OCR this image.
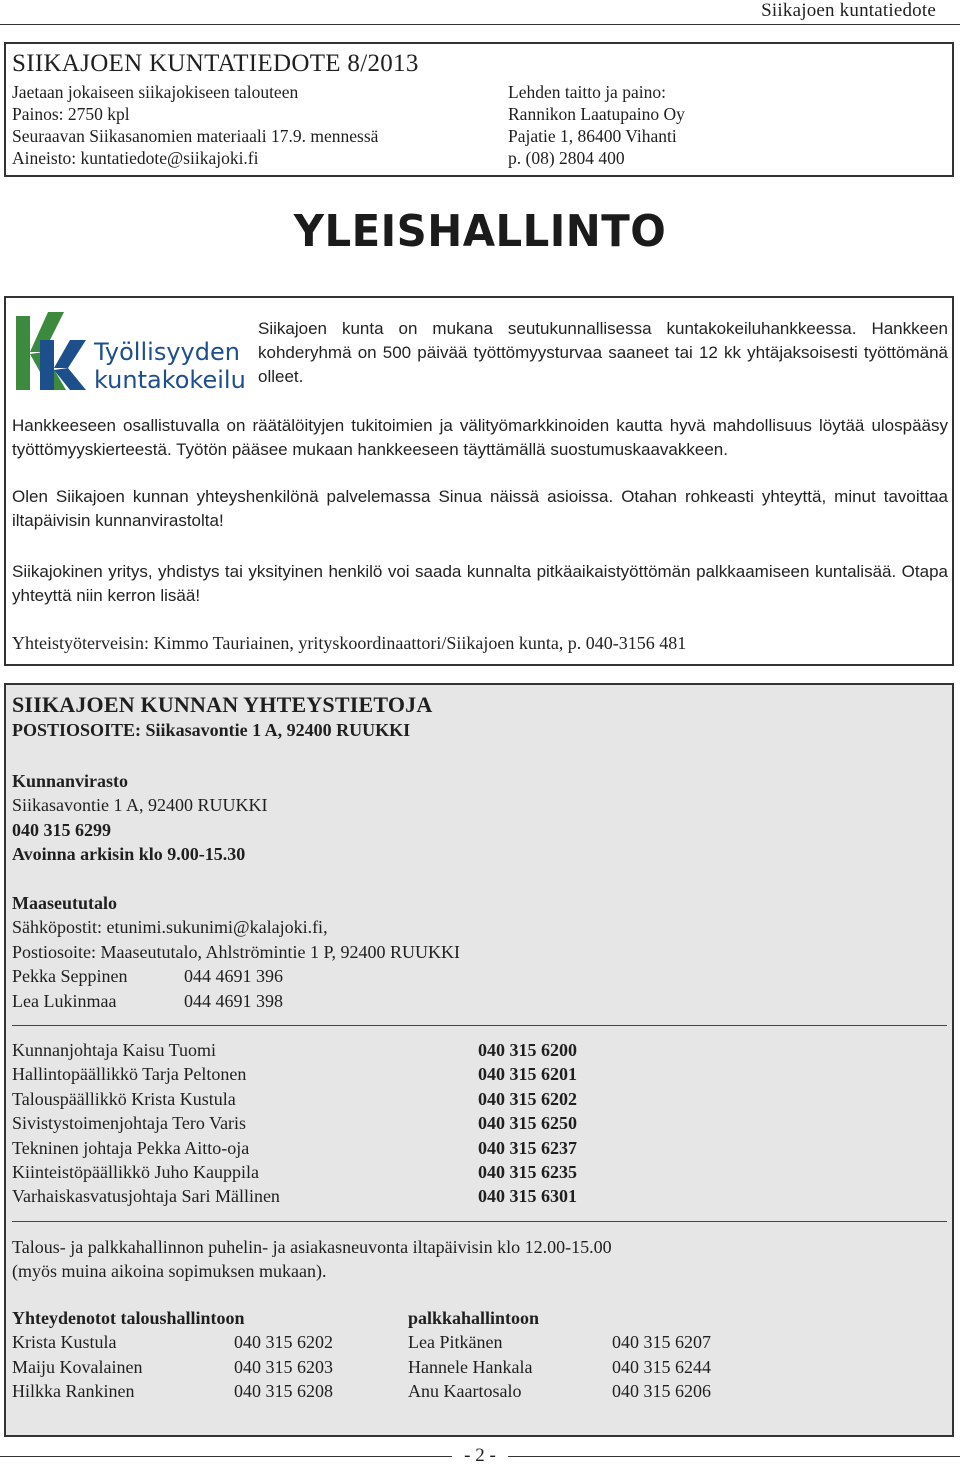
Siikajoen kuntatiedote
SIIKAJOEN KUNTATIEDOTE 8/2013
Jaetaan jokaiseen siikajokiseen talouteen
Painos: 2750 kpl
Seuraavan Siikasanomien materiaali 17.9. mennessä
Aineisto: kuntatiedote@siikajoki.fi
Lehden taitto ja paino:
Rannikon Laatupaino Oy
Pajatie 1, 86400 Vihanti
p. (08) 2804 400
YLEISHALLINTO
Työllisyyden
kuntakokeilu
Siikajoen kunta on mukana seutukunnallisessa kuntakokeiluhankkeessa. Hankkeen kohderyhmä on 500 päivää työttömyysturvaa saaneet tai 12 kk yhtäjaksoisesti työttömänä olleet.
Hankkeeseen osallistuvalla on räätälöityjen tukitoimien ja välityömarkkinoiden kautta hyvä mahdollisuus löytää ulospääsy työttömyyskierteestä. Työtön pääsee mukaan hankkeeseen täyttämällä suostumuskaavakkeen.
Olen Siikajoen kunnan yhteyshenkilönä palvelemassa Sinua näissä asioissa. Otahan rohkeasti yhteyttä, minut tavoittaa iltapäivisin kunnanvirastolta!
Siikajokinen yritys, yhdistys tai yksityinen henkilö voi saada kunnalta pitkäaikaistyöttömän palkkaamiseen kuntalisää. Otapa yhteyttä niin kerron lisää!
Yhteistyöterveisin: Kimmo Tauriainen, yrityskoordinaattori/Siikajoen kunta, p. 040-3156 481
SIIKAJOEN KUNNAN YHTEYSTIETOJA
POSTIOSOITE: Siikasavontie 1 A, 92400 RUUKKI
Kunnanvirasto
Siikasavontie 1 A, 92400 RUUKKI
040 315 6299
Avoinna arkisin klo 9.00-15.30
Maaseututalo
Sähköpostit: etunimi.sukunimi@kalajoki.fi,
Postiosoite: Maaseututalo, Ahlströmintie 1 P, 92400 RUUKKI
Pekka Seppinen	044 4691 396
Lea Lukinmaa	044 4691 398
Kunnanjohtaja Kaisu Tuomi	040 315 6200
Hallintopäällikkö Tarja Peltonen	040 315 6201
Talouspäällikkö Krista Kustula	040 315 6202
Sivistystoimenjohtaja Tero Varis	040 315 6250
Tekninen johtaja Pekka Aitto-oja	040 315 6237
Kiinteistöpäällikkö Juho Kauppila	040 315 6235
Varhaiskasvatusjohtaja Sari Mällinen	040 315 6301
Talous- ja palkkahallinnon puhelin- ja asiakasneuvonta iltapäivisin klo 12.00-15.00
(myös muina aikoina sopimuksen mukaan).
Yhteydenotot taloushallintoon
Krista Kustula	040 315 6202
Maiju Kovalainen	040 315 6203
Hilkka Rankinen	040 315 6208
palkkahallintoon
Lea Pitkänen	040 315 6207
Hannele Hankala	040 315 6244
Anu Kaartosalo	040 315 6206
- 2 -
